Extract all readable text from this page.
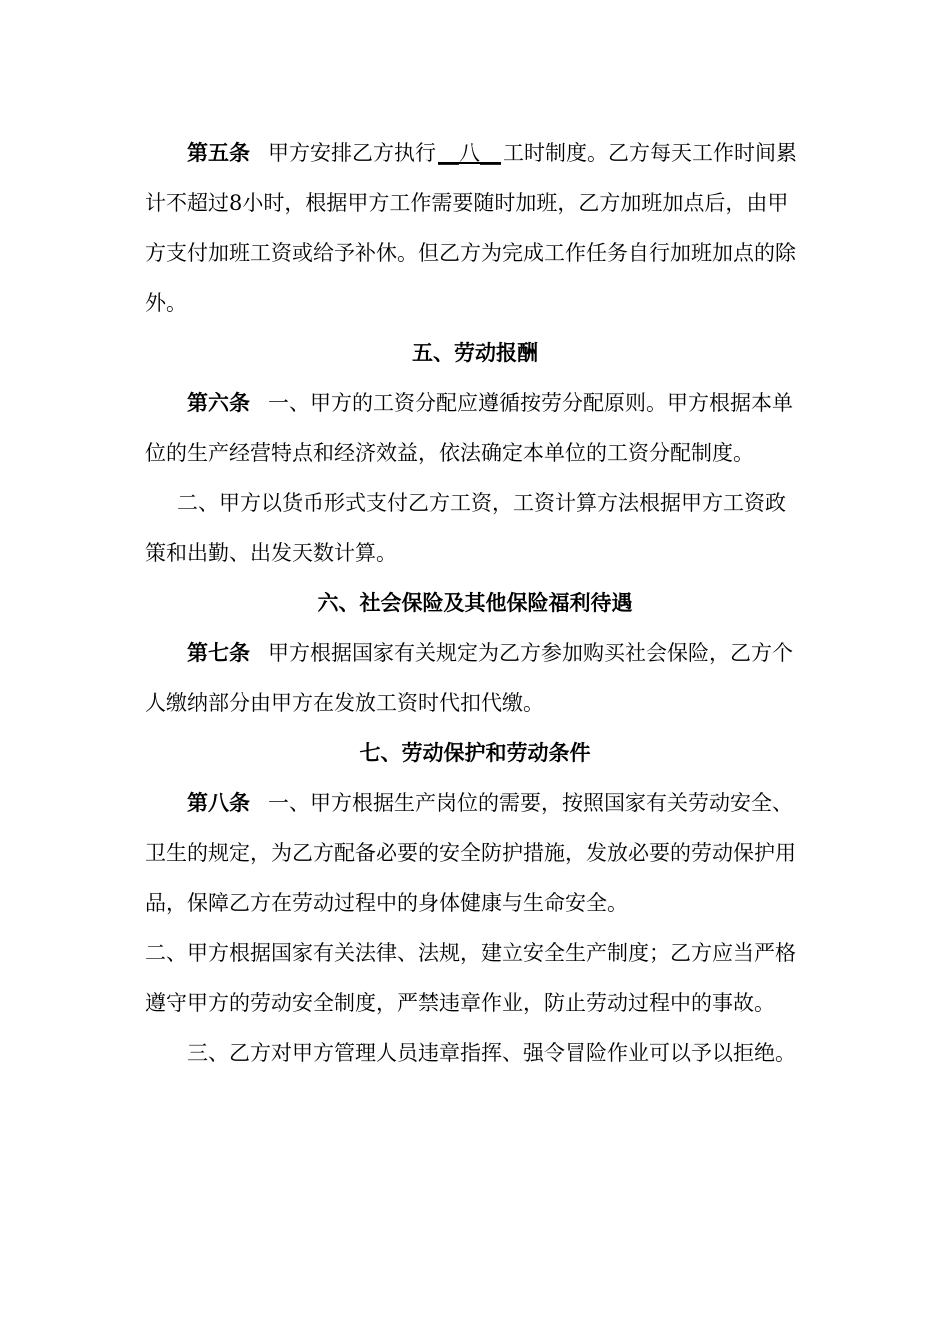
第五条 甲方安排乙方执行__八__工时制度。乙方每天工作时间累计不超过8小时，根据甲方工作需要随时加班，乙方加班加点后，由甲方支付加班工资或给予补休。但乙方为完成工作任务自行加班加点的除外。

五、劳动报酬

第六条 一、甲方的工资分配应遵循按劳分配原则。甲方根据本单位的生产经营特点和经济效益，依法确定本单位的工资分配制度。

二、甲方以货币形式支付乙方工资，工资计算方法根据甲方工资政策和出勤、出发天数计算。

六、社会保险及其他保险福利待遇

第七条 甲方根据国家有关规定为乙方参加购买社会保险，乙方个人缴纳部分由甲方在发放工资时代扣代缴。

七、劳动保护和劳动条件

第八条 一、甲方根据生产岗位的需要，按照国家有关劳动安全、卫生的规定，为乙方配备必要的安全防护措施，发放必要的劳动保护用品，保障乙方在劳动过程中的身体健康与生命安全。

二、甲方根据国家有关法律、法规，建立安全生产制度；乙方应当严格遵守甲方的劳动安全制度，严禁违章作业，防止劳动过程中的事故。

三、乙方对甲方管理人员违章指挥、强令冒险作业可以予以拒绝。
